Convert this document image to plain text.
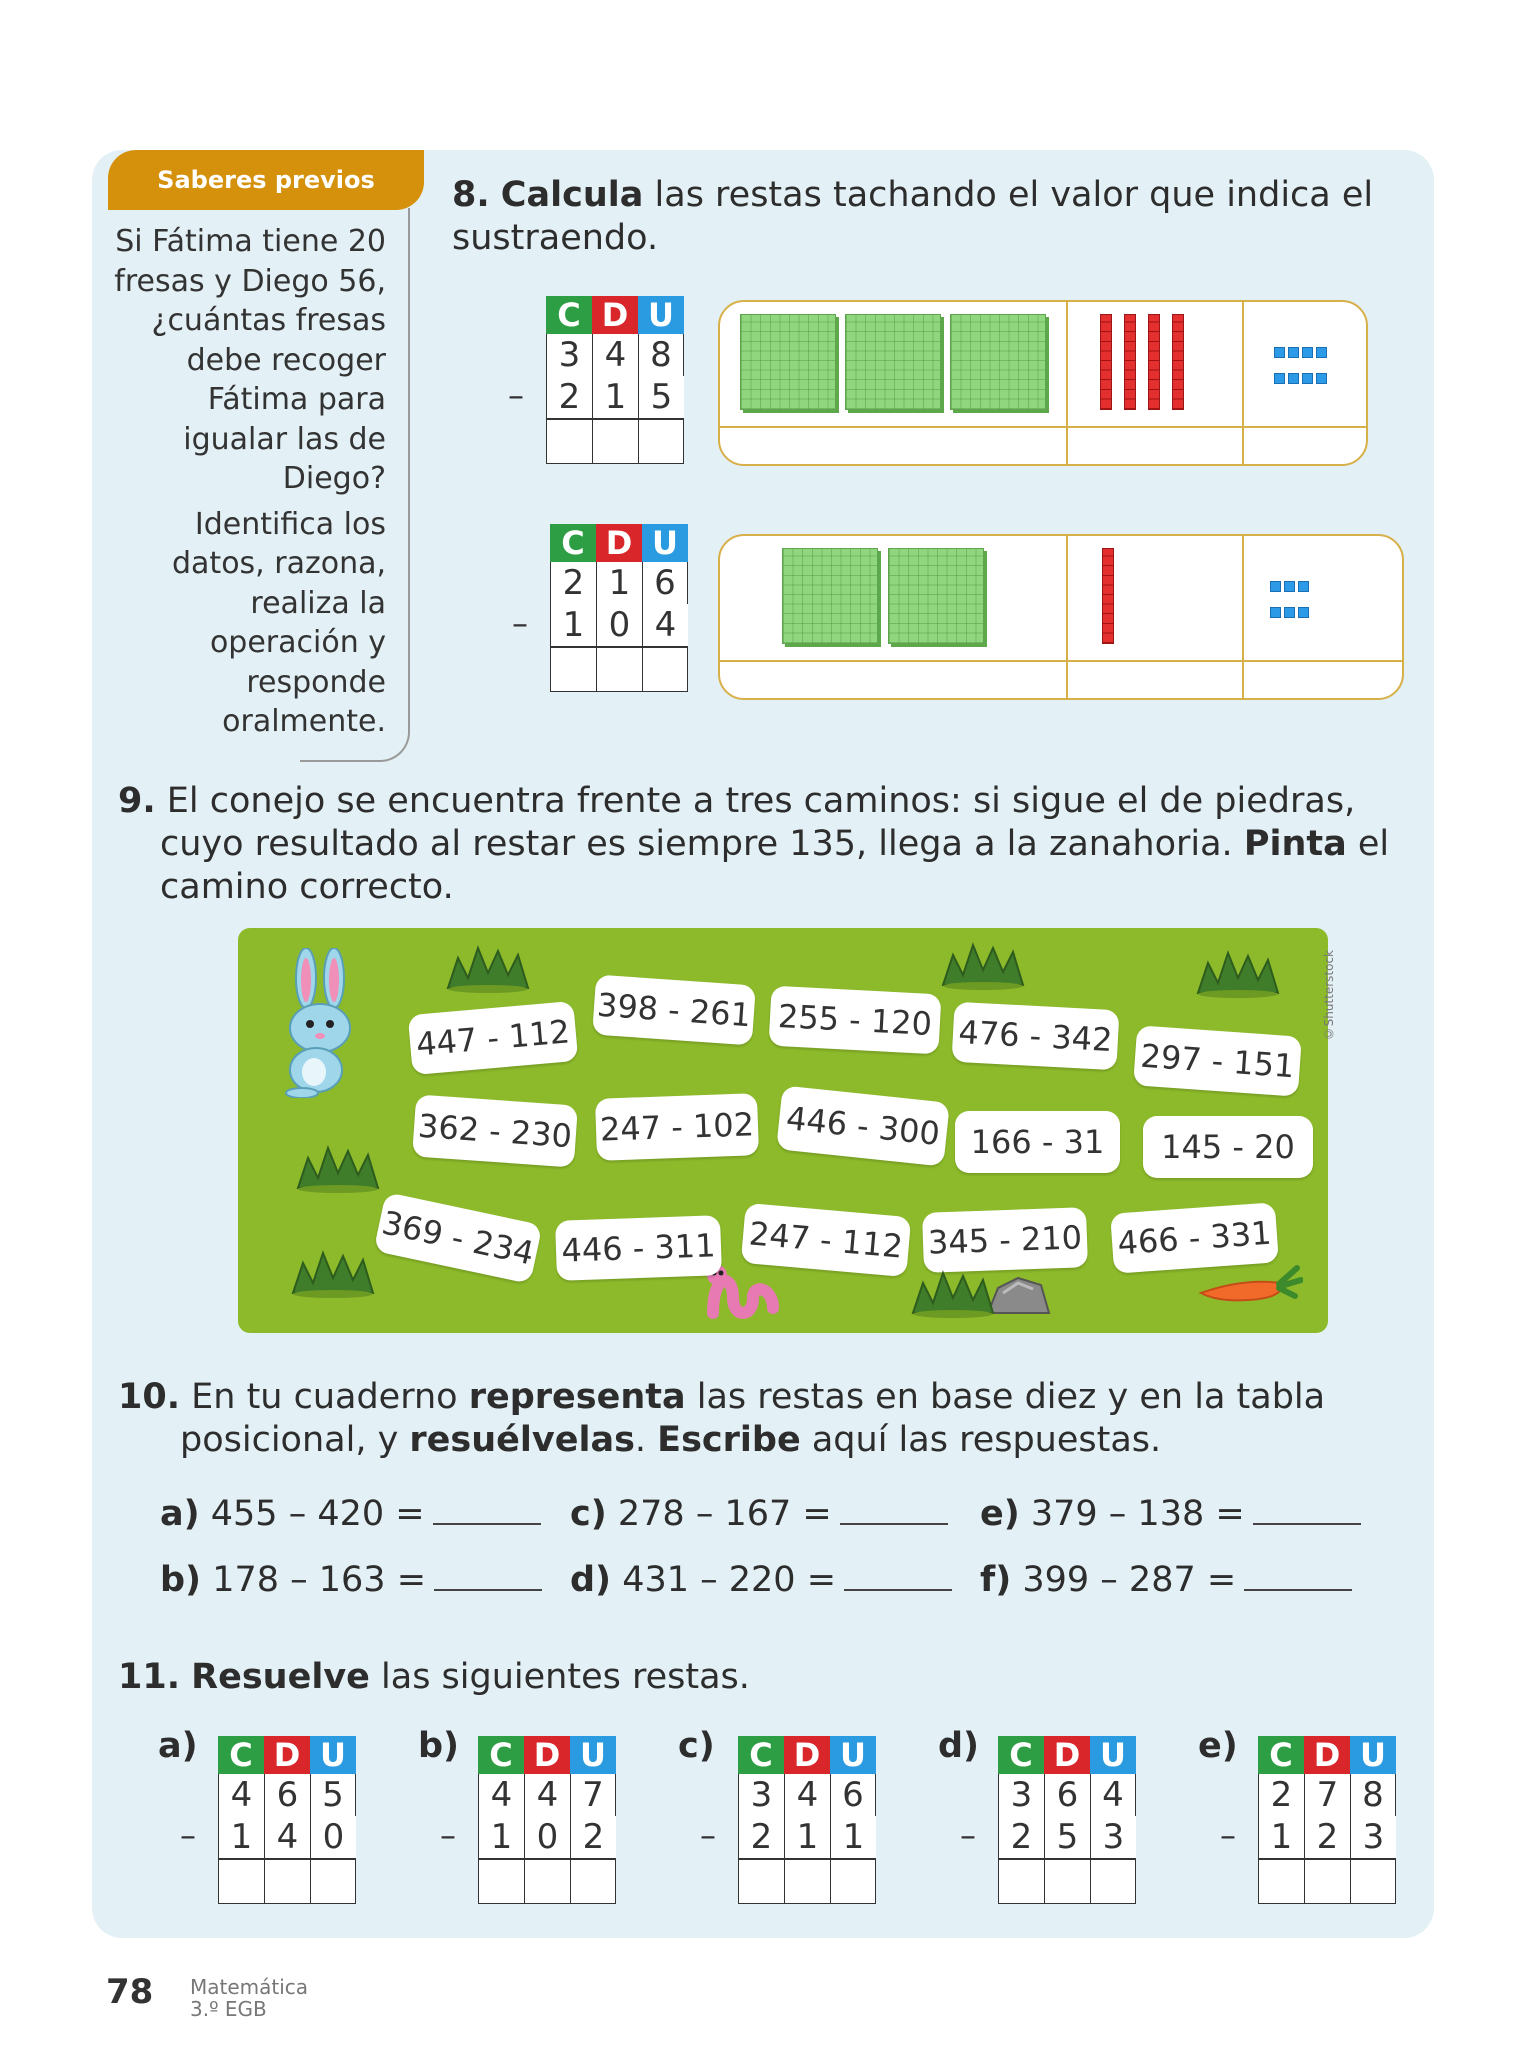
Saberes previos

Si Fátima tiene 20 fresas y Diego 56, ¿cuántas fresas debe recoger Fátima para igualar las de Diego?

Identifica los datos, razona, realiza la operación y responde oralmente.

8. Calcula las restas tachando el valor que indica el sustraendo.
C D U
3 4 8
2 1 5
–
C D U
2 1 6
1 0 4
–
9. El conejo se encuentra frente a tres caminos: si sigue el de piedras, cuyo resultado al restar es siempre 135, llega a la zanahoria. Pinta el camino correcto.
447 - 112
398 - 261 255 - 120 476 - 342
297 - 151
362 - 230 247 - 102 446 - 300 166 - 31	145 - 20
369 - 234 446 - 311 247 - 112 345 - 210 466 - 331
©Shutterstock
10. En tu cuaderno representa las restas en base diez y en la tabla posicional, y resuélvelas. Escribe aquí las respuestas.
a) 455 – 420 =	c) 278 – 167 =	e) 379 – 138 =
b) 178 – 163 =	d) 431 – 220 =	f) 399 – 287 =
11. Resuelve las siguientes restas.
a) C D U
4 6 5
1 4 0
–
b) C D U
4 4 7
1 0 2
–
c)	C D U
3 4 6
2 1 1
–
d) C D U
3 6 4
2 5 3
–
e) C D U
2 7 8
1 2 3
–
78 Matemática
3.º EGB
